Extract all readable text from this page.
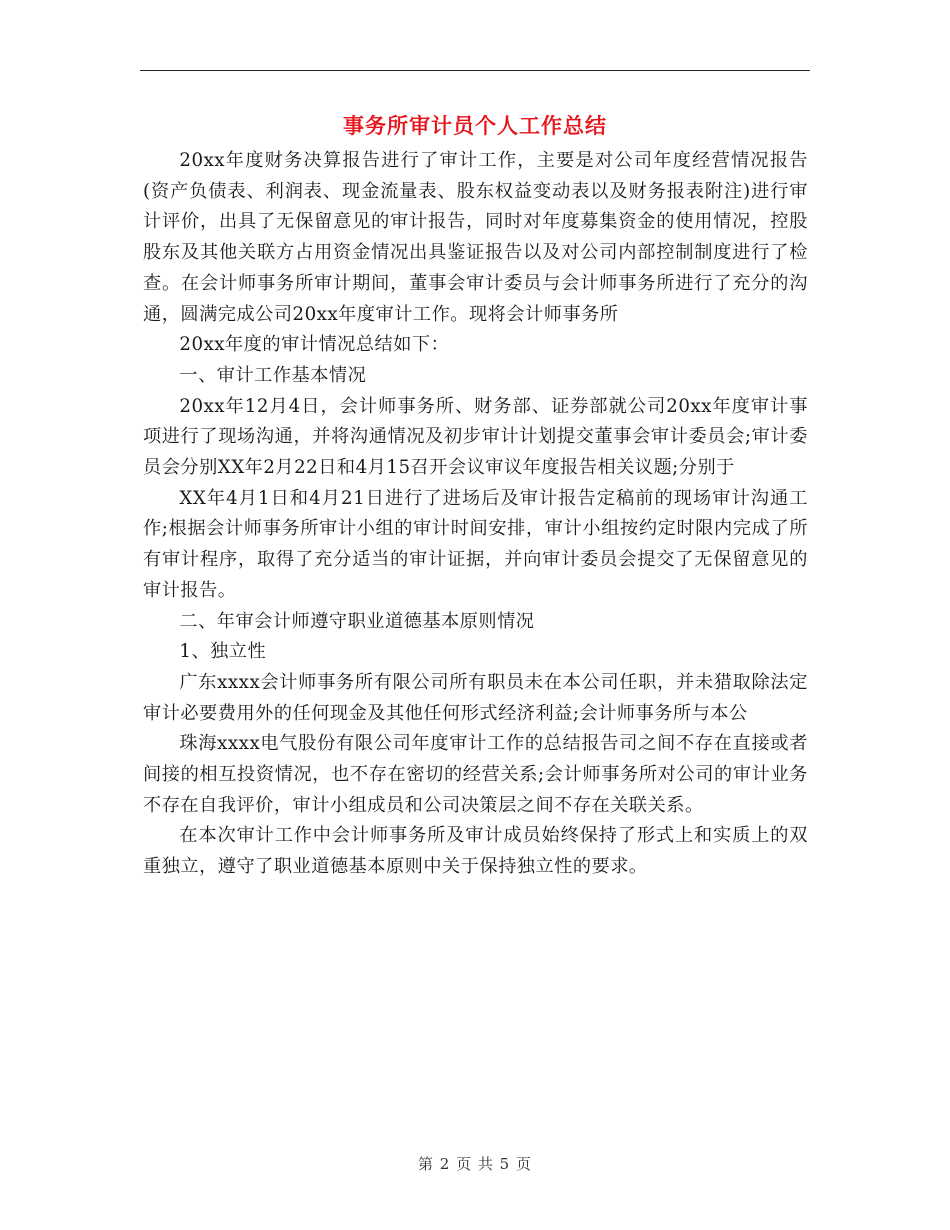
事务所审计员个人工作总结

20xx年度财务决算报告进行了审计工作，主要是对公司年度经营情况报告(资产负债表、利润表、现金流量表、股东权益变动表以及财务报表附注)进行审计评价，出具了无保留意见的审计报告，同时对年度募集资金的使用情况，控股股东及其他关联方占用资金情况出具鉴证报告以及对公司内部控制制度进行了检查。在会计师事务所审计期间，董事会审计委员与会计师事务所进行了充分的沟通，圆满完成公司20xx年度审计工作。现将会计师事务所

20xx年度的审计情况总结如下：

一、审计工作基本情况

20xx年12月4日，会计师事务所、财务部、证券部就公司20xx年度审计事项进行了现场沟通，并将沟通情况及初步审计计划提交董事会审计委员会;审计委员会分别XX年2月22日和4月15召开会议审议年度报告相关议题;分别于

XX年4月1日和4月21日进行了进场后及审计报告定稿前的现场审计沟通工作;根据会计师事务所审计小组的审计时间安排，审计小组按约定时限内完成了所有审计程序，取得了充分适当的审计证据，并向审计委员会提交了无保留意见的审计报告。

二、年审会计师遵守职业道德基本原则情况

1、独立性

广东xxxx会计师事务所有限公司所有职员未在本公司任职，并未猎取除法定审计必要费用外的任何现金及其他任何形式经济利益;会计师事务所与本公

珠海xxxx电气股份有限公司年度审计工作的总结报告司之间不存在直接或者间接的相互投资情况，也不存在密切的经营关系;会计师事务所对公司的审计业务不存在自我评价，审计小组成员和公司决策层之间不存在关联关系。

在本次审计工作中会计师事务所及审计成员始终保持了形式上和实质上的双重独立，遵守了职业道德基本原则中关于保持独立性的要求。

第 2 页 共 5 页
